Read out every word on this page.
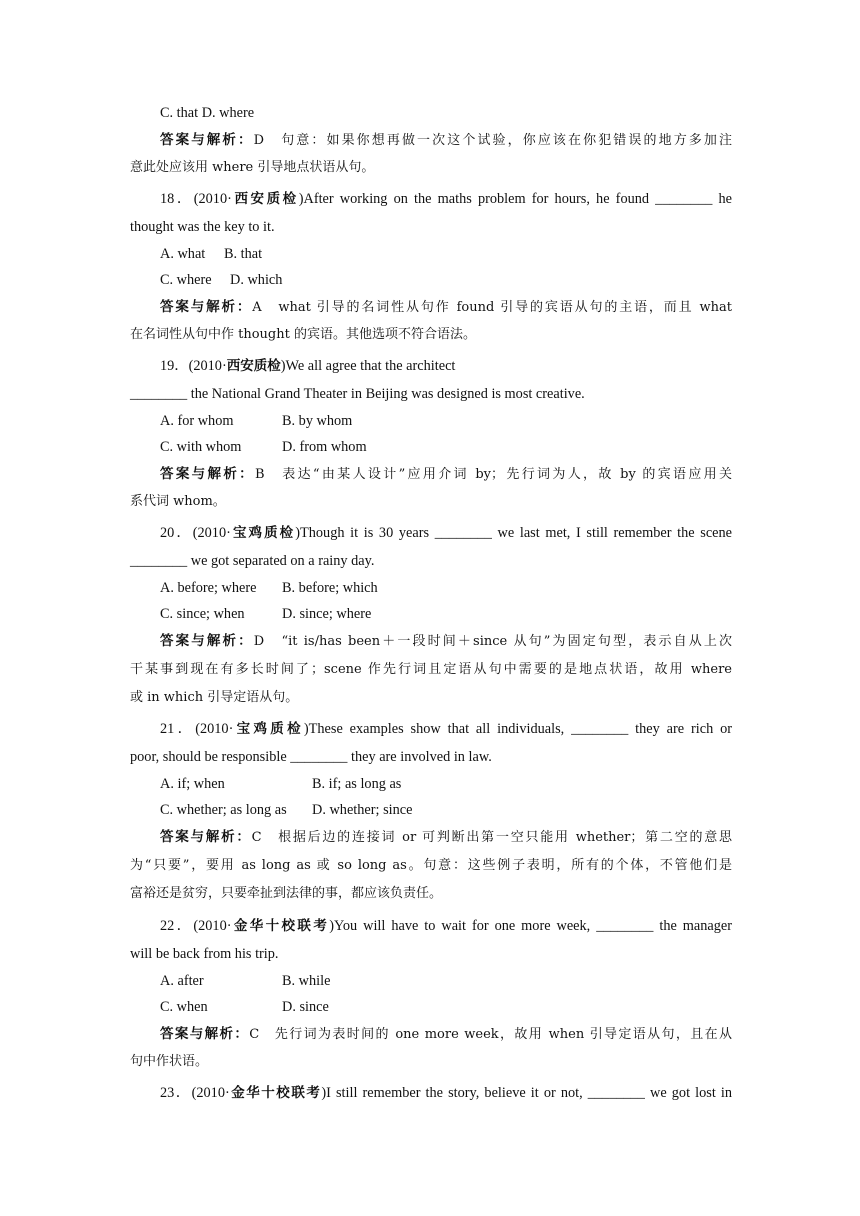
C. that D. where
答案与解析：D　句意：如果你想再做一次这个试验，你应该在你犯错误的地方多加注
意此处应该用 where 引导地点状语从句。
18．(2010·西安质检)After working on the maths problem for hours, he found ________ he
thought was the key to it.
A. what B. that
C. where D. which
答案与解析：A　what 引导的名词性从句作 found 引导的宾语从句的主语，而且 what
在名词性从句中作 thought 的宾语。其他选项不符合语法。
19．(2010·西安质检)We all agree that the architect
________ the National Grand Theater in Beijing was designed is most creative.
A. for whom	B. by whom
C. with whom	D. from whom
答案与解析：B　表达“由某人设计”应用介词 by；先行词为人，故 by 的宾语应用关
系代词 whom。
20．(2010·宝鸡质检)Though it is 30 years ________ we last met, I still remember the scene
________ we got separated on a rainy day.
A. before; where B. before; which
C. since; when	D. since; where
答案与解析：D　“it is/has been＋一段时间＋since 从句”为固定句型，表示自从上次
干某事到现在有多长时间了；scene 作先行词且定语从句中需要的是地点状语，故用 where
或 in which 引导定语从句。
21．(2010·宝鸡质检)These examples show that all individuals, ________ they are rich or
poor, should be responsible ________ they are involved in law.
A. if; when	B. if; as long as
C. whether; as long as D. whether; since
答案与解析：C　根据后边的连接词 or 可判断出第一空只能用 whether；第二空的意思
为“只要”，要用 as long as 或 so long as。句意：这些例子表明，所有的个体，不管他们是
富裕还是贫穷，只要牵扯到法律的事，都应该负责任。
22．(2010·金华十校联考)You will have to wait for one more week, ________ the manager
will be back from his trip.
A. after	B. while
C. when	D. since
答案与解析：C　先行词为表时间的 one more week，故用 when 引导定语从句，且在从
句中作状语。
23．(2010·金华十校联考)I still remember the story, believe it or not, ________ we got lost in
